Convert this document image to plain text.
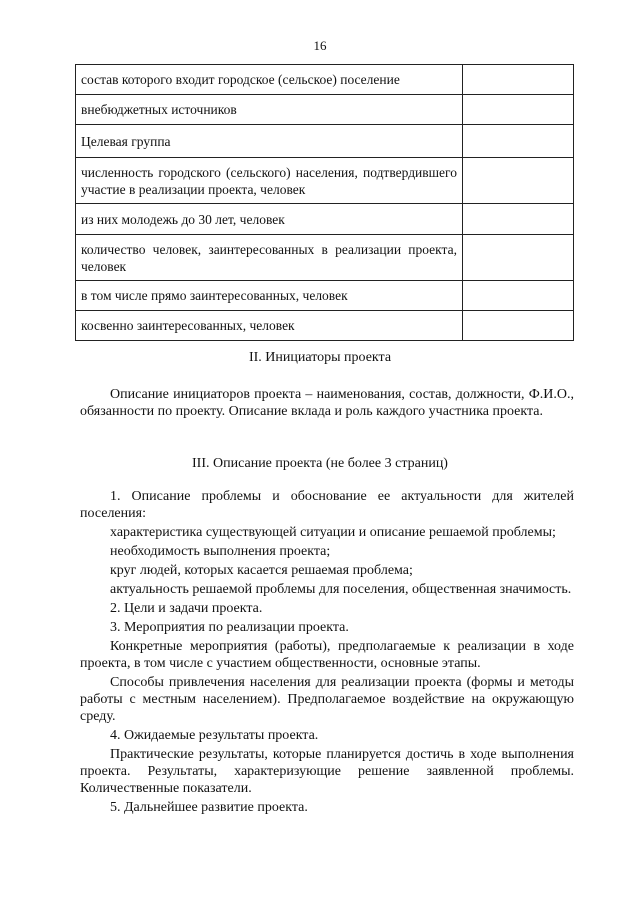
16
состав которого входит городское (сельское) поселение	
внебюджетных источников	
Целевая группа	
численность городского (сельского) населения, подтвердившего участие в реализации проекта, человек	
из них молодежь до 30 лет, человек	
количество человек, заинтересованных в реализации проекта, человек	
в том числе прямо заинтересованных, человек	
косвенно заинтересованных, человек	
II. Инициаторы проекта

Описание инициаторов проекта – наименования, состав, должности, Ф.И.О., обязанности по проекту. Описание вклада и роль каждого участника проекта.

III. Описание проекта (не более 3 страниц)

1. Описание проблемы и обоснование ее актуальности для жителей поселения:

характеристика существующей ситуации и описание решаемой проблемы;

необходимость выполнения проекта;

круг людей, которых касается решаемая проблема;

актуальность решаемой проблемы для поселения, общественная значимость.

2. Цели и задачи проекта.

3. Мероприятия по реализации проекта.

Конкретные мероприятия (работы), предполагаемые к реализации в ходе проекта, в том числе с участием общественности, основные этапы.

Способы привлечения населения для реализации проекта (формы и методы работы с местным населением). Предполагаемое воздействие на окружающую среду.

4. Ожидаемые результаты проекта.

Практические результаты, которые планируется достичь в ходе выполнения проекта. Результаты, характеризующие решение заявленной проблемы. Количественные показатели.

5. Дальнейшее развитие проекта.
